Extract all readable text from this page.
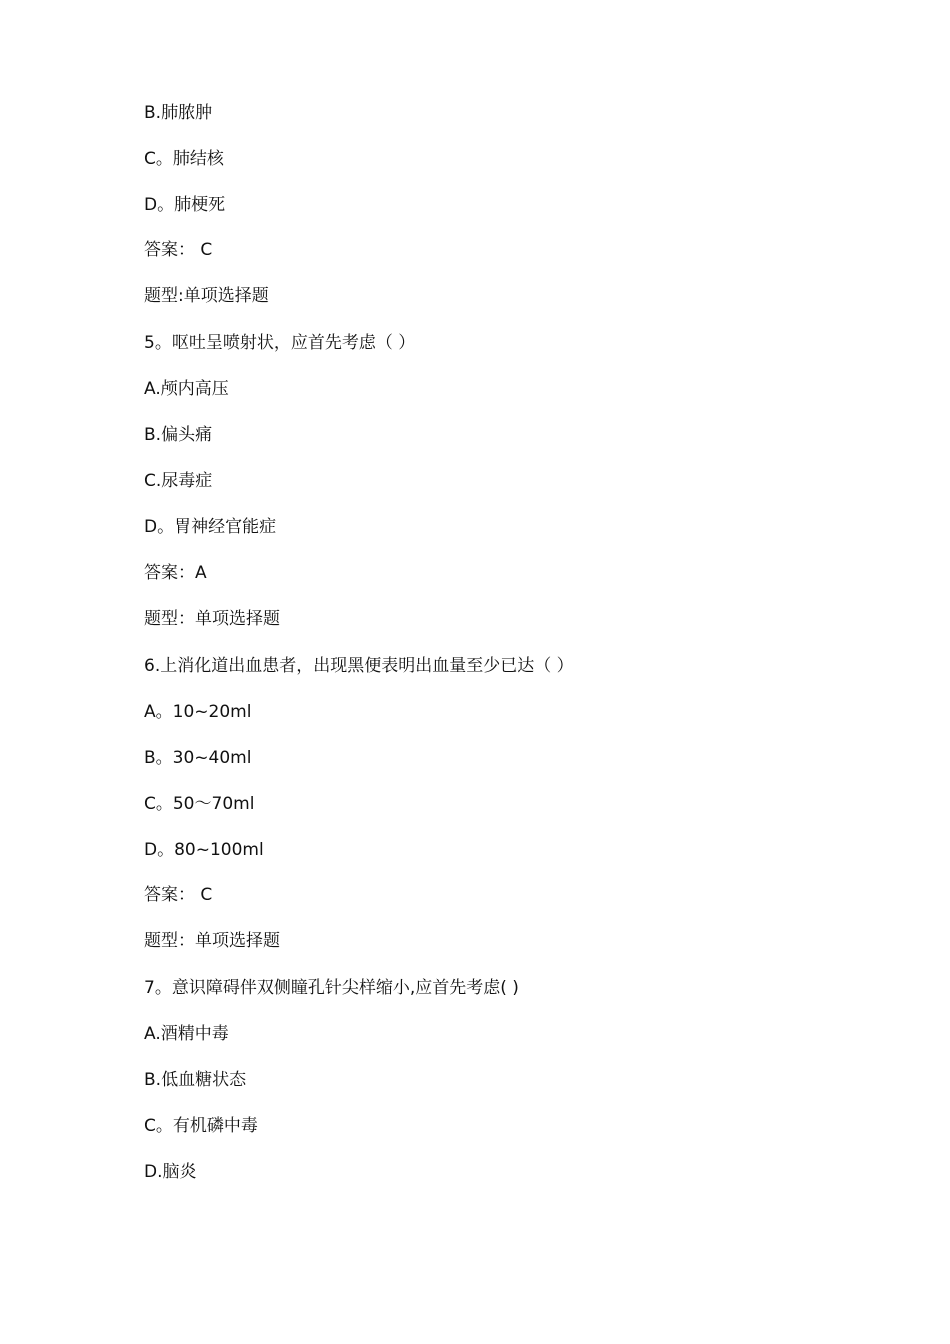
B.肺脓肿

C。肺结核

D。肺梗死

答案： C

题型:单项选择题

5。呕吐呈喷射状，应首先考虑（ ）

A.颅内高压

B.偏头痛

C.尿毒症

D。胃神经官能症

答案：A

题型：单项选择题

6.上消化道出血患者，出现黑便表明出血量至少已达（ ）

A。10~20ml

B。30~40ml

C。50～70ml

D。80~100ml

答案： C

题型：单项选择题

7。意识障碍伴双侧瞳孔针尖样缩小,应首先考虑( )

A.酒精中毒

B.低血糖状态

C。有机磷中毒

D.脑炎
